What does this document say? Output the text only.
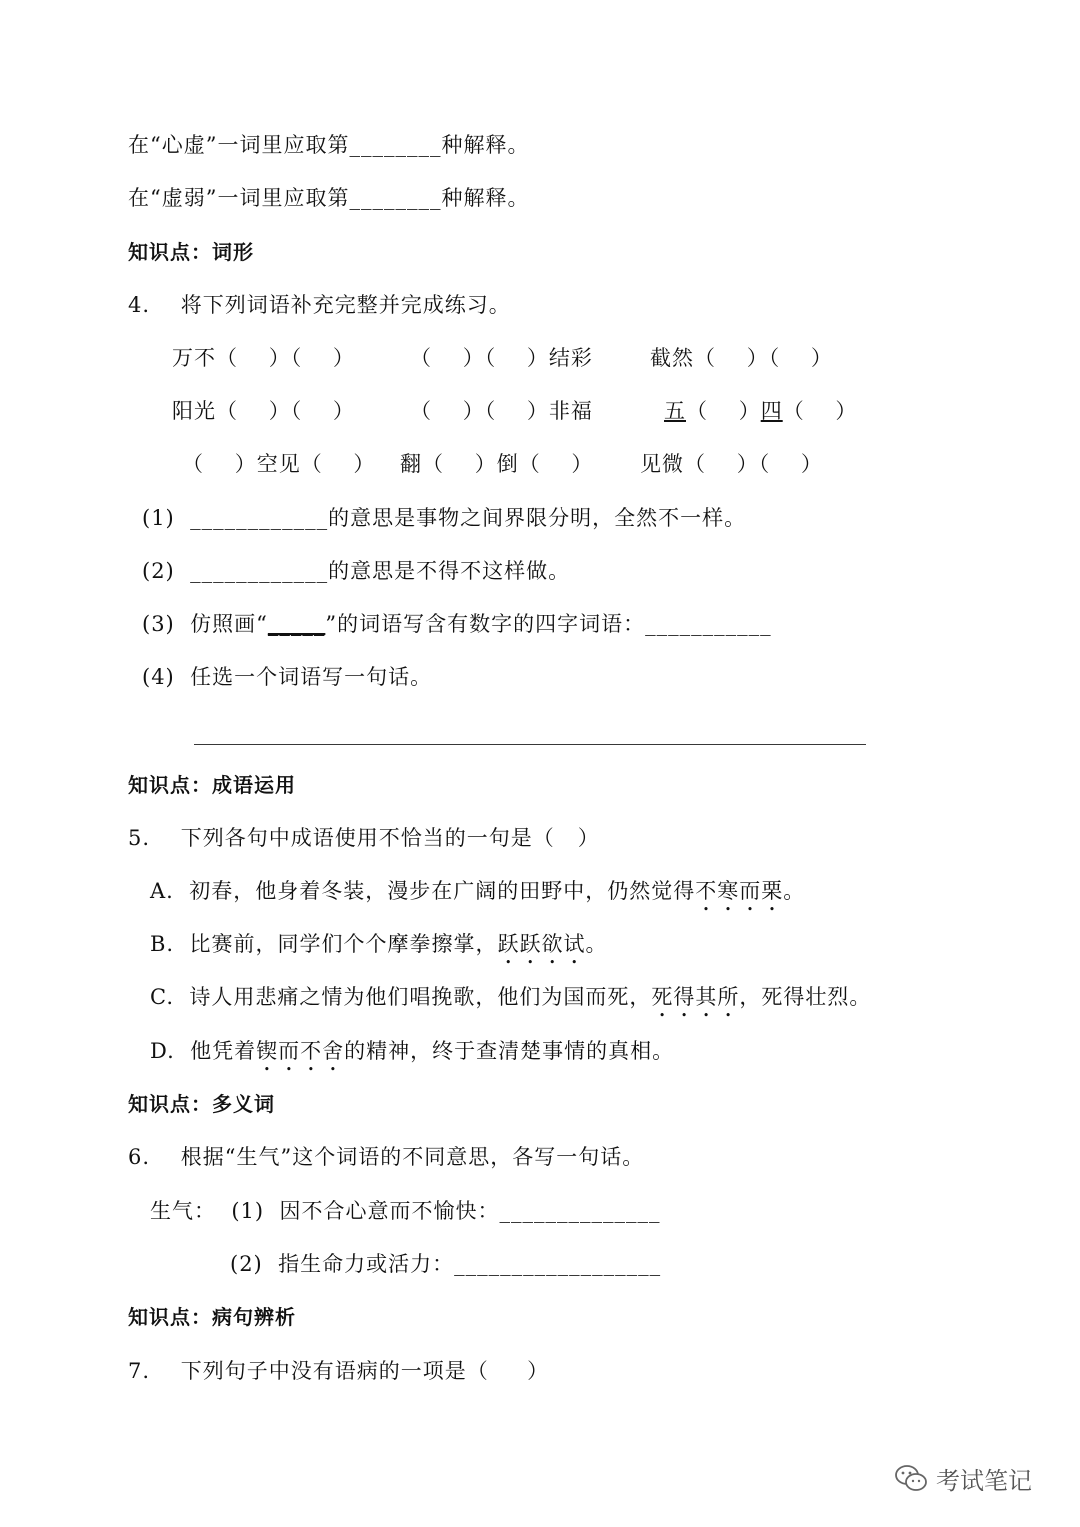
在“心虚”一词里应取第________种解释。
在“虚弱”一词里应取第________种解释。
知识点：词形
4.    将下列词语补充完整并完成练习。
万不（    ）（    ）	（    ）（    ）结彩	截然（    ）（    ）
阳光（    ）（    ）	（    ）（    ）非福	五（    ）四（    ）
（    ）空见（    ） 翻（    ）倒（    ） 见微（    ）（    ）
(1)  ____________的意思是事物之间界限分明，全然不一样。
(2)  ____________的意思是不得不这样做。
(3)  仿照画“_____”的词语写含有数字的四字词语：___________
(4)  任选一个词语写一句话。
________________________________________________________________
知识点：成语运用
5.    下列各句中成语使用不恰当的一句是（   ）
A.  初春，他身着冬装，漫步在广阔的田野中，仍然觉得不寒而栗。
B.  比赛前，同学们个个摩拳擦掌，跃跃欲试。
C.  诗人用悲痛之情为他们唱挽歌，他们为国而死，死得其所，死得壮烈。
D.  他凭着锲而不舍的精神，终于查清楚事情的真相。
知识点：多义词
6.    根据“生气”这个词语的不同意思，各写一句话。
生气：  (1)  因不合心意而不愉快：______________
(2)  指生命力或活力：__________________
知识点：病句辨析
7.    下列句子中没有语病的一项是（     ）
考试笔记
